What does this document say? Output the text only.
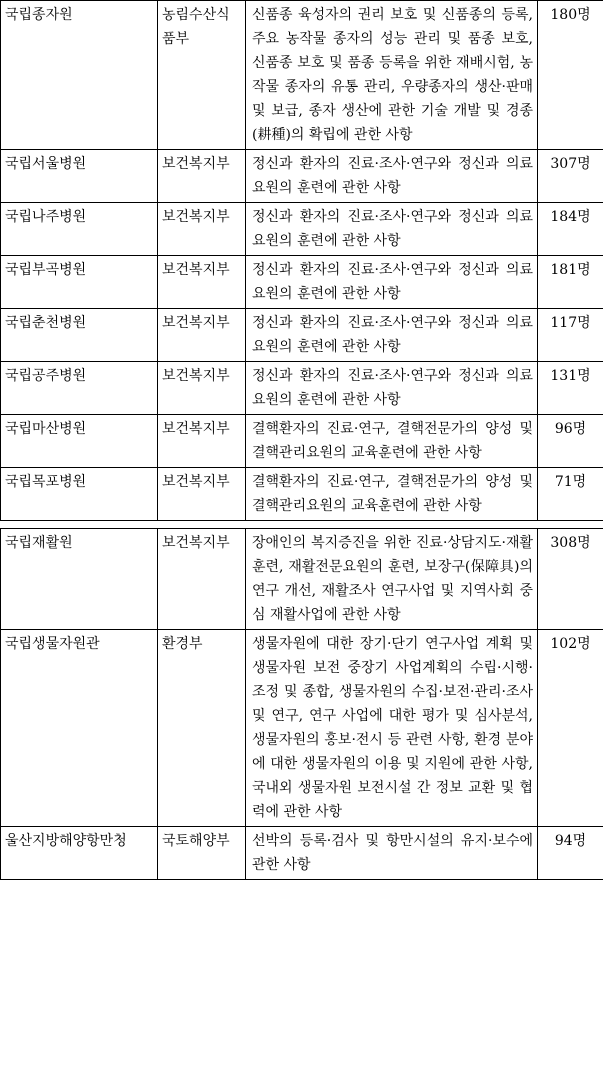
국립종자원	농림수산식품부	신품종 육성자의 권리 보호 및 신품종의 등록, 주요 농작물 종자의 성능 관리 및 품종 보호, 신품종 보호 및 품종 등록을 위한 재배시험, 농작물 종자의 유통 관리, 우량종자의 생산·판매 및 보급, 종자 생산에 관한 기술 개발 및 경종(耕種)의 확립에 관한 사항	180명
국립서울병원	보건복지부	정신과 환자의 진료·조사·연구와 정신과 의료요원의 훈련에 관한 사항	307명
국립나주병원	보건복지부	정신과 환자의 진료·조사·연구와 정신과 의료요원의 훈련에 관한 사항	184명
국립부곡병원	보건복지부	정신과 환자의 진료·조사·연구와 정신과 의료요원의 훈련에 관한 사항	181명
국립춘천병원	보건복지부	정신과 환자의 진료·조사·연구와 정신과 의료요원의 훈련에 관한 사항	117명
국립공주병원	보건복지부	정신과 환자의 진료·조사·연구와 정신과 의료요원의 훈련에 관한 사항	131명
국립마산병원	보건복지부	결핵환자의 진료·연구, 결핵전문가의 양성 및 결핵관리요원의 교육훈련에 관한 사항	96명
국립목포병원	보건복지부	결핵환자의 진료·연구, 결핵전문가의 양성 및 결핵관리요원의 교육훈련에 관한 사항	71명
국립재활원	보건복지부	장애인의 복지증진을 위한 진료·상담지도·재활훈련, 재활전문요원의 훈련, 보장구(保障具)의 연구 개선, 재활조사 연구사업 및 지역사회 중심 재활사업에 관한 사항	308명
국립생물자원관	환경부	생물자원에 대한 장기·단기 연구사업 계획 및 생물자원 보전 중장기 사업계획의 수립·시행·조정 및 종합, 생물자원의 수집·보전·관리·조사 및 연구, 연구 사업에 대한 평가 및 심사분석, 생물자원의 홍보·전시 등 관련 사항, 환경 분야에 대한 생물자원의 이용 및 지원에 관한 사항, 국내외 생물자원 보전시설 간 정보 교환 및 협력에 관한 사항	102명
울산지방해양항만청	국토해양부	선박의 등록·검사 및 항만시설의 유지·보수에 관한 사항	94명
